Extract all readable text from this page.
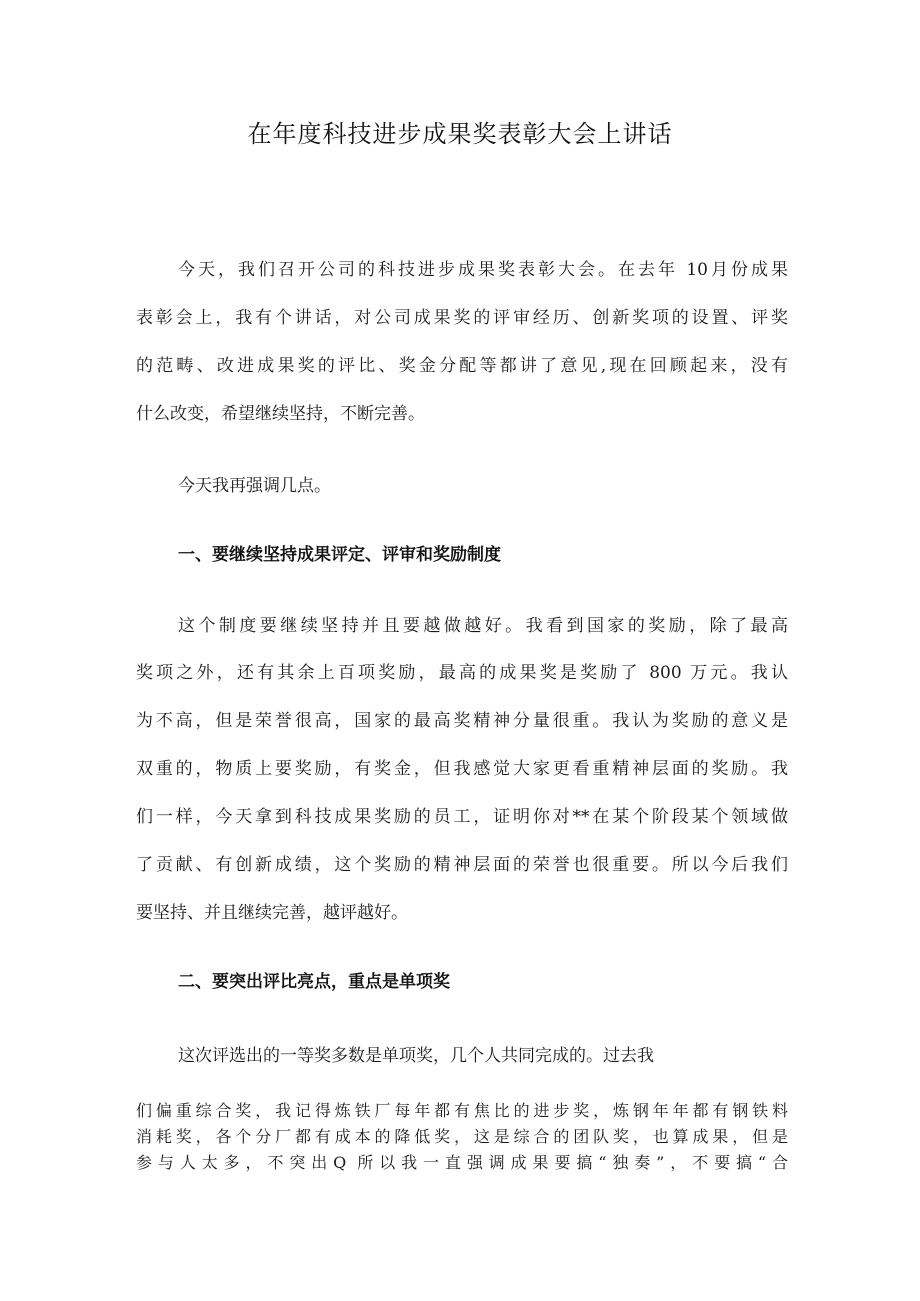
在年度科技进步成果奖表彰大会上讲话
今天，我们召开公司的科技进步成果奖表彰大会。在去年 10月份成果
表彰会上，我有个讲话，对公司成果奖的评审经历、创新奖项的设置、评奖
的范畴、改进成果奖的评比、奖金分配等都讲了意见,现在回顾起来，没有
什么改变，希望继续坚持，不断完善。
今天我再强调几点。
一、要继续坚持成果评定、评审和奖励制度
这个制度要继续坚持并且要越做越好。我看到国家的奖励，除了最高
奖项之外，还有其余上百项奖励，最高的成果奖是奖励了 800 万元。我认
为不高，但是荣誉很高，国家的最高奖精神分量很重。我认为奖励的意义是
双重的，物质上要奖励，有奖金，但我感觉大家更看重精神层面的奖励。我
们一样，今天拿到科技成果奖励的员工，证明你对**在某个阶段某个领域做
了贡献、有创新成绩，这个奖励的精神层面的荣誉也很重要。所以今后我们
要坚持、并且继续完善，越评越好。
二、要突出评比亮点，重点是单项奖
这次评选出的一等奖多数是单项奖，几个人共同完成的。过去我
们偏重综合奖，我记得炼铁厂每年都有焦比的进步奖，炼钢年年都有钢铁料
消耗奖，各个分厂都有成本的降低奖，这是综合的团队奖，也算成果，但是
参与人太多，不突出Q 所以我一直强调成果要搞“独奏”，不要搞“合
